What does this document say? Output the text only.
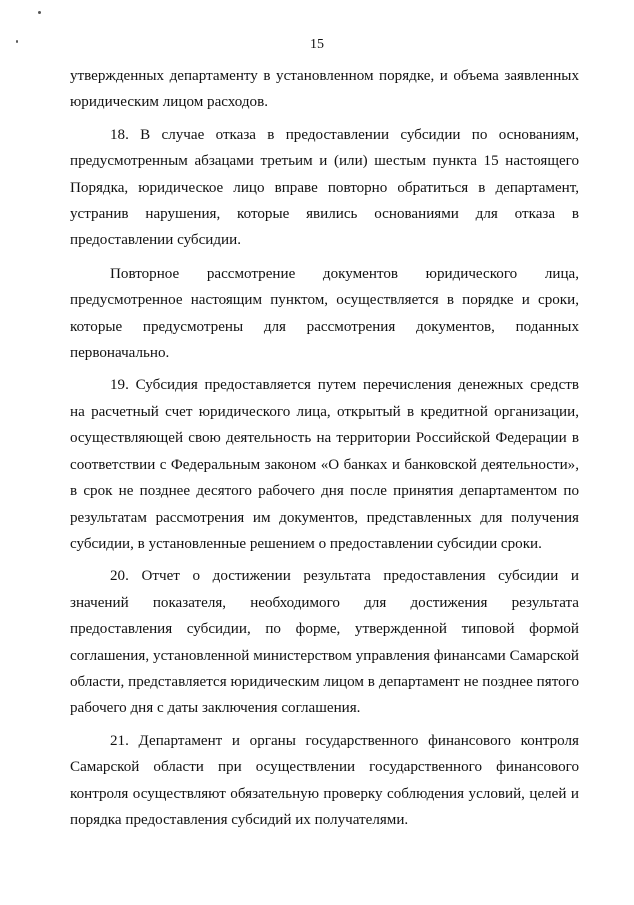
15

утвержденных департаменту в установленном порядке, и объема заявленных юридическим лицом расходов.

18. В случае отказа в предоставлении субсидии по основаниям, предусмотренным абзацами третьим и (или) шестым пункта 15 настоящего Порядка, юридическое лицо вправе повторно обратиться в департамент, устранив нарушения, которые явились основаниями для отказа в предоставлении субсидии.

Повторное рассмотрение документов юридического лица, предусмотренное настоящим пунктом, осуществляется в порядке и сроки, которые предусмотрены для рассмотрения документов, поданных первоначально.

19. Субсидия предоставляется путем перечисления денежных средств на расчетный счет юридического лица, открытый в кредитной организации, осуществляющей свою деятельность на территории Российской Федерации в соответствии с Федеральным законом «О банках и банковской деятельности», в срок не позднее десятого рабочего дня после принятия департаментом по результатам рассмотрения им документов, представленных для получения субсидии, в установленные решением о предоставлении субсидии сроки.

20. Отчет о достижении результата предоставления субсидии и значений показателя, необходимого для достижения результата предоставления субсидии, по форме, утвержденной типовой формой соглашения, установленной министерством управления финансами Самарской области, представляется юридическим лицом в департамент не позднее пятого рабочего дня с даты заключения соглашения.

21. Департамент и органы государственного финансового контроля Самарской области при осуществлении государственного финансового контроля осуществляют обязательную проверку соблюдения условий, целей и порядка предоставления субсидий их получателями.
